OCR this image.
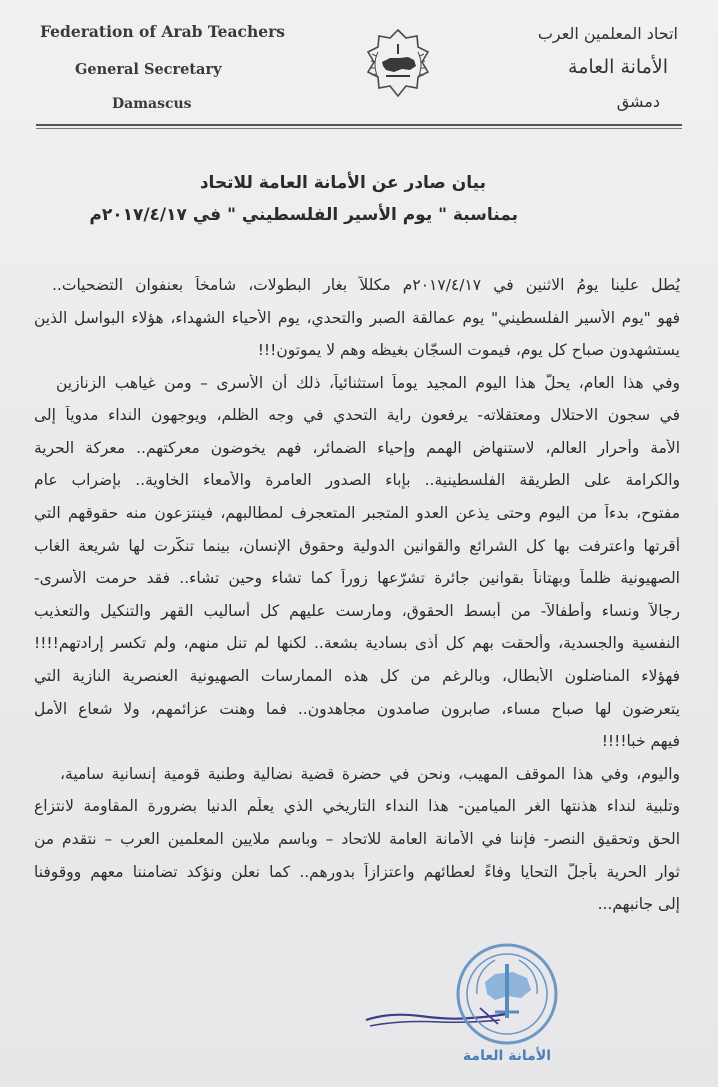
Federation of Arab Teachers
General Secretary
Damascus
اتحاد المعلمين العرب
الأمانة العامة
دمشق
بيان صادر عن الأمانة العامة للاتحاد
بمناسبة " يوم الأسير الفلسطيني " في ٢٠١٧/٤/١٧م
يُطل علينا يومُ الاثنين في ٢٠١٧/٤/١٧م مكللاً بغار البطولات، شامخاً بعنفوان التضحيات..
فهو "يوم الأسير الفلسطيني" يوم عمالقة الصبر والتحدي، يوم الأحياء الشهداء، هؤلاء البواسل الذين
يستشهدون صباح كل يوم، فيموت السجّان بغيظه وهم لا يموتون!!!
وفي هذا العام، يحلّ هذا اليوم المجيد يوماً استثنائياً، ذلك أن الأسرى – ومن غياهب الزنازين
في سجون الاحتلال ومعتقلاته- يرفعون راية التحدي في وجه الظلم، ويوجهون النداء مدوياً إلى
الأمة وأحرار العالم، لاستنهاض الهمم وإحياء الضمائر، فهم يخوضون معركتهم.. معركة الحرية
والكرامة على الطريقة الفلسطينية.. بإباء الصدور العامرة والأمعاء الخاوية.. بإضراب عام
مفتوح، بدءاً من اليوم وحتى يذعن العدو المتجبر المتعجرف لمطالبهم، فينتزعون منه حقوقهم التي
أقرتها واعترفت بها كل الشرائع والقوانين الدولية وحقوق الإنسان، بينما تنكّرت لها شريعة الغاب
الصهيونية ظلماً وبهتاناً بقوانين جائرة تشرّعها زوراً كما تشاء وحين تشاء.. فقد حرمت الأسرى-
رجالاً ونساء وأطفالاً- من أبسط الحقوق، ومارست عليهم كل أساليب القهر والتنكيل والتعذيب
النفسية والجسدية، وألحقت بهم كل أذى بسادية بشعة.. لكنها لم تنل منهم، ولم تكسر إرادتهم!!!!
فهؤلاء المناضلون الأبطال، وبالرغم من كل هذه الممارسات الصهيونية العنصرية النازية التي
يتعرضون لها صباح مساء، صابرون صامدون مجاهدون.. فما وهنت عزائمهم، ولا شعاع الأمل
فيهم خبا!!!!
واليوم، وفي هذا الموقف المهيب، ونحن في حضرة قضية نضالية وطنية قومية إنسانية سامية،
وتلبية لنداء هذنتها الغر الميامين- هذا النداء التاريخي الذي يعلّم الدنيا بضرورة المقاومة لانتزاع
الحق وتحقيق النصر- فإننا في الأمانة العامة للاتحاد – وباسم ملايين المعلمين العرب – نتقدم من
ثوار الحرية بأجلّ التحايا وفاءً لعطائهم واعتزازاً بدورهم.. كما نعلن ونؤكد تضامننا معهم ووقوفنا
إلى جانبهم...
الأمانة العامة
